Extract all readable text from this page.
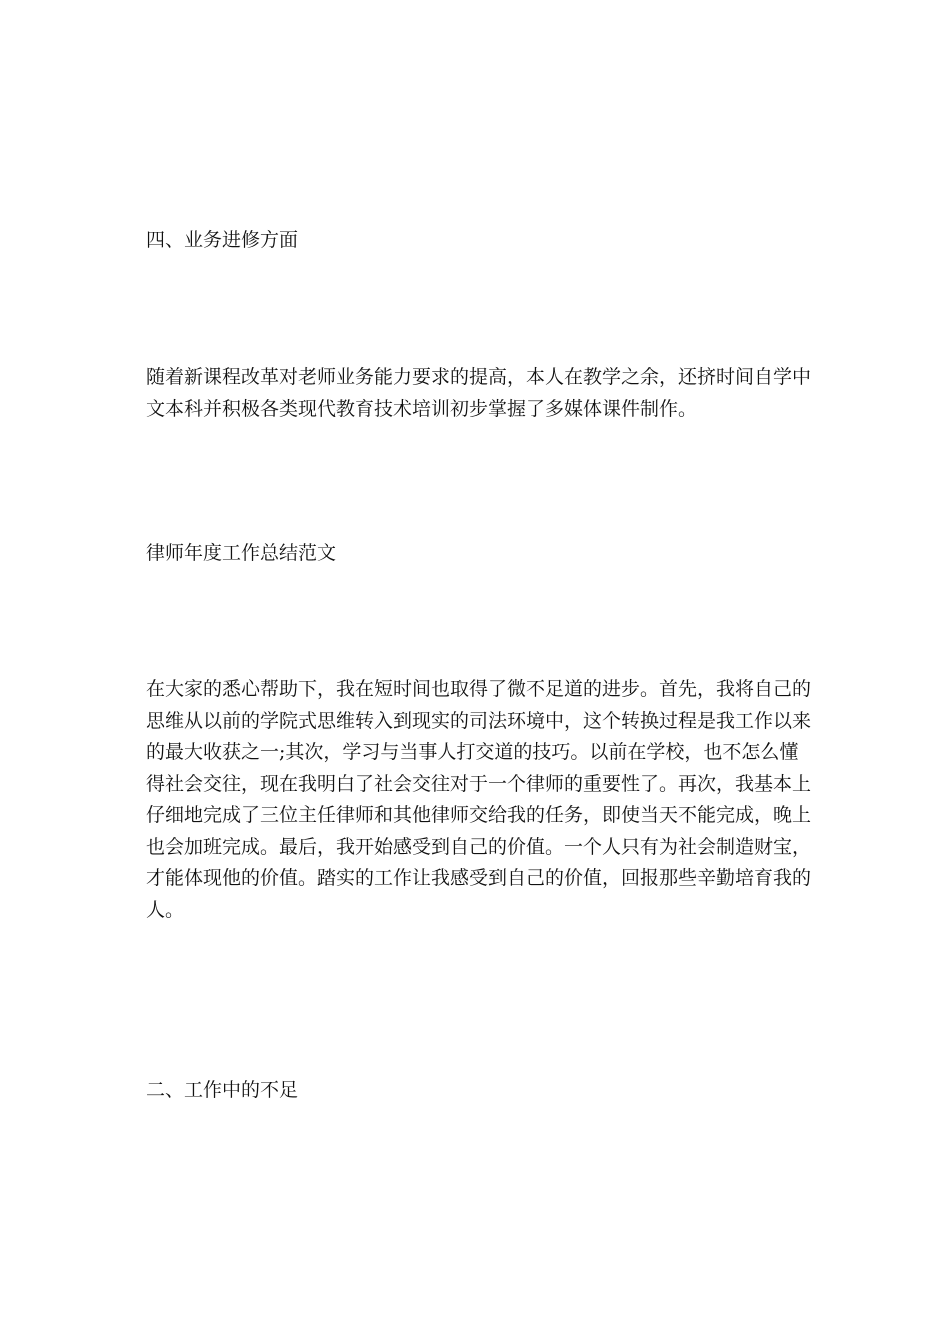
四、业务进修方面

随着新课程改革对老师业务能力要求的提高，本人在教学之余，还挤时间自学中文本科并积极各类现代教育技术培训初步掌握了多媒体课件制作。

律师年度工作总结范文

在大家的悉心帮助下，我在短时间也取得了微不足道的进步。首先，我将自己的思维从以前的学院式思维转入到现实的司法环境中，这个转换过程是我工作以来的最大收获之一;其次，学习与当事人打交道的技巧。以前在学校，也不怎么懂得社会交往，现在我明白了社会交往对于一个律师的重要性了。再次，我基本上仔细地完成了三位主任律师和其他律师交给我的任务，即使当天不能完成，晚上也会加班完成。最后，我开始感受到自己的价值。一个人只有为社会制造财宝，才能体现他的价值。踏实的工作让我感受到自己的价值，回报那些辛勤培育我的人。

二、工作中的不足
